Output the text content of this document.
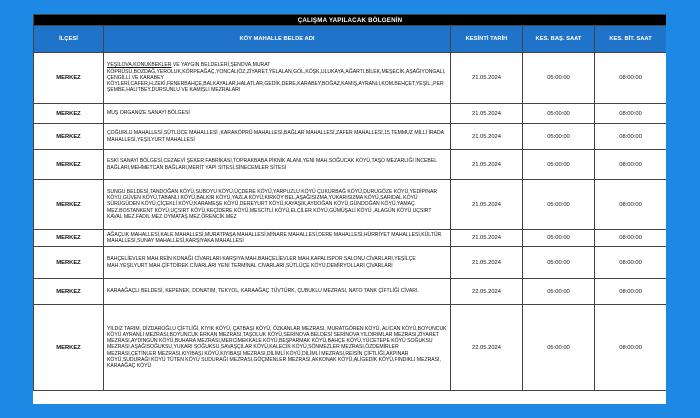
ÇALIŞMA YAPILACAK BÖLGENİN				
İLÇESİ	KÖY MAHALLE BELDE ADI	KESİNTİ TARİH	KES. BAŞ. SAAT	KES. BİT. SAAT
MERKEZ	YEŞİLOVA,KONUKBEKLER VE YAYGIN BELDELERİ,ŞENOVA,MURAT KÖPRÜSÜ,BOZDAĞ,YEROLUK,KÖRPEAĞAÇ,YONCALIÖZ,ZİYARET,YELALAN,GÖL,KÖŞK,ULUKAYA,AĞARTI,BİLEK,MEŞECİK,AŞAĞIYONGALI,ÇENGİLLİ VE KARABEY KÖYLERİ,CAFER,H.ZEKİ,FENERBAHÇE,BALKAYALAR,HALATLAR,GEDİK,DERE,KARABEY,BOĞAZ,KAMIŞ,AYRANLI,KOM,BEHÇET,YEŞİL,,PERŞEMBE,HALITBEY,DURSUNLU VE KAMIŞLI MEZRALARI	21.05.2024	05:00:00	08:00:00
MERKEZ	MUŞ ORGANİZE SANAYİ BÖLGESİ	21.05.2024	05:00:00	08:00:00
MERKEZ	ÇOĞURLU MAHALLESİ,SÜTLÜCE MAHALLESİ ,KARAKÖPRÜ MAHALLESİ,BAĞLAR MAHALLESİ,ZAFER MAHALLESİ,15 TEMMUZ MİLLİ İRADA MAHALLESİ,YEŞİLYURT MAHALLESİ	21.05.2024	05:00:00	08:00:00
MERKEZ	ESKİ SANAYİ BÖLGESİ,CEZAEVİ ŞEKER FABRİKASI,TOPRAKBABA PİKNİK ALANI,YENİ MAH.SOĞUCAK KÖYÜ,TAŞO MEZARLIĞI İNCEBEL BAĞLARI,MEHMETCAN BAĞLARI,MERİT YAPI SİTESİ,SİNECEMLER SİTESİ	21.05.2024	05:00:00	08:00:00
MERKEZ	SUNGU BELDESİ,TANDOĞAN KÖYÜ,SUBOYU KÖYÜ,ÜÇDERE KÖYÜ,YARPUZLU KÖYÜ ÇUKURBAĞ KÖYÜ,DURUGÖZE KÖYÜ,YEDİPINAR KÖYÜ,GÜVEN KÖYÜ,TABANLI KÖYÜ,BALKIR KÖYÜ,YAZLA KÖYÜ,KIRKÖY BEL,AŞAĞISIZMA,YUKARISIZMA KÖYÜ,SARIDAL KÖYÜ SÜRÜGÜDEN KÖYÜ,ÇİÇEKLİ KÖYÜ,KARAMEŞE KÖYÜ,DEREYURT KÖYÜ,KAYAŞIK,AYDOĞAN KÖYÜ,GÜNDOĞAN KÖYÜ,YAMAÇ MEZ.BOSTANKENT KÖYÜ,UÇSIRT KÖYÜ,KEÇİDERE KÖYÜ,MESCİTLİ KÖYÜ,ELÇİLER KÖYÜ,GÜMÜŞALİ KÖYÜ ,ALAGÜN KÖYÜ UÇSIRT KAVAL MEZ.FADIL MEZ.OYMATAŞ MEZ.ÖRENCİK.MEZ	21.05.2024	05:00:00	08:00:00
MERKEZ	AĞAÇLIK MAHALLESİ,KALE MAHALLESİ,MURATPAŞA MAHALLESİ,MİNARE MAHALLESİ,DERE MAHALLESİ,HÜRRİYET MAHALLESİ,KÜLTÜR MAHALLESİ,SUNAY MAHALLESİ,KARŞIYAKA MAHALLESİ	21.05.2024	05:00:00	08:00:00
MERKEZ	BAHÇELİEVLER MAH.REİN KONAĞI CİVARLARI KARŞIYA MAH.BAHÇELİEVLER MAH.KAPALISPOR SALONU CİVARLARI,YEŞİLÇE MAH.YEŞİLYURT MAH.ÇİFTDİREK CİVARLARI YENİ TERMİNAL CİVARLARI,SÜTLÜÇE KÖYÜ,DEMİRYOLLARI ÇİVARLARI	21.05.2024	05:00:00	08:00:00
MERKEZ	KARAAĞAÇLI BELDESİ, KEPENEK, DONATIM, TEKYOL, KARAAĞAÇ TÜVTÜRK, ÇUBUKLU MEZRASI, NATO TANK ÇİFTLİĞİ CİVARI.	22.05.2024	05:00:00	08:00:00
MERKEZ	YILDIZ TARIM, DİZDAROĞLU ÇİFTLİĞİ, KIYIK KÖYÜ, ÇATBAŞI KÖYÜ, ÖZKANLAR MEZRASI, MURATGÖREN KÖYÜ, ALİCAN KÖYÜ,BOYUNCUK KÖYÜ AYRANLI MEZRASI,BOYUNCUK ERKAN MEZRASI,TAŞOLUK KÖYÜ,SERİNOVA BELDESİ SERİNOVA YILDIRIMLAR MEZRASI,ZİYARET MEZRASI,AYDINGÜN KÖYÜ,BUHARA MEZRASI,MERCİMEKKALE KÖYÜ,BEŞPARMAK KÖYÜ,BAHÇE KÖYÜ,YÜCETEPE KÖYÜ SOĞUKSU MEZRASI,AŞAĞISOĞUKSU,YUKARI SOĞUKSU,SAVAŞÇILAR KÖYÜ,KALECİK KÖYÜ,SÖNMEZLER MEZRASI,ÖZDEMİRLER MEZRASI,ÇETİNLER MEZRASI,KIYIBAŞI KÖYÜ,KIYIBAŞI MEZRASI,DİLİMLİ KÖYÜ,DİLİMLİ MEZRASI,REİSİN ÇİFTLİĞİ,AKPINAR KÖYÜ,SUDURAĞI KÖYÜ TÜTEN KÖYÜ SUDURAĞI MEZRASI,GÖÇMENLER MEZRASI,AKKONAK KÖYÜ,ALİGEDİK KÖYÜ,FINDIKLI MEZRASI, KARAAĞAÇ KÖYÜ	22.05.2024	05:00:00	08:00:00
